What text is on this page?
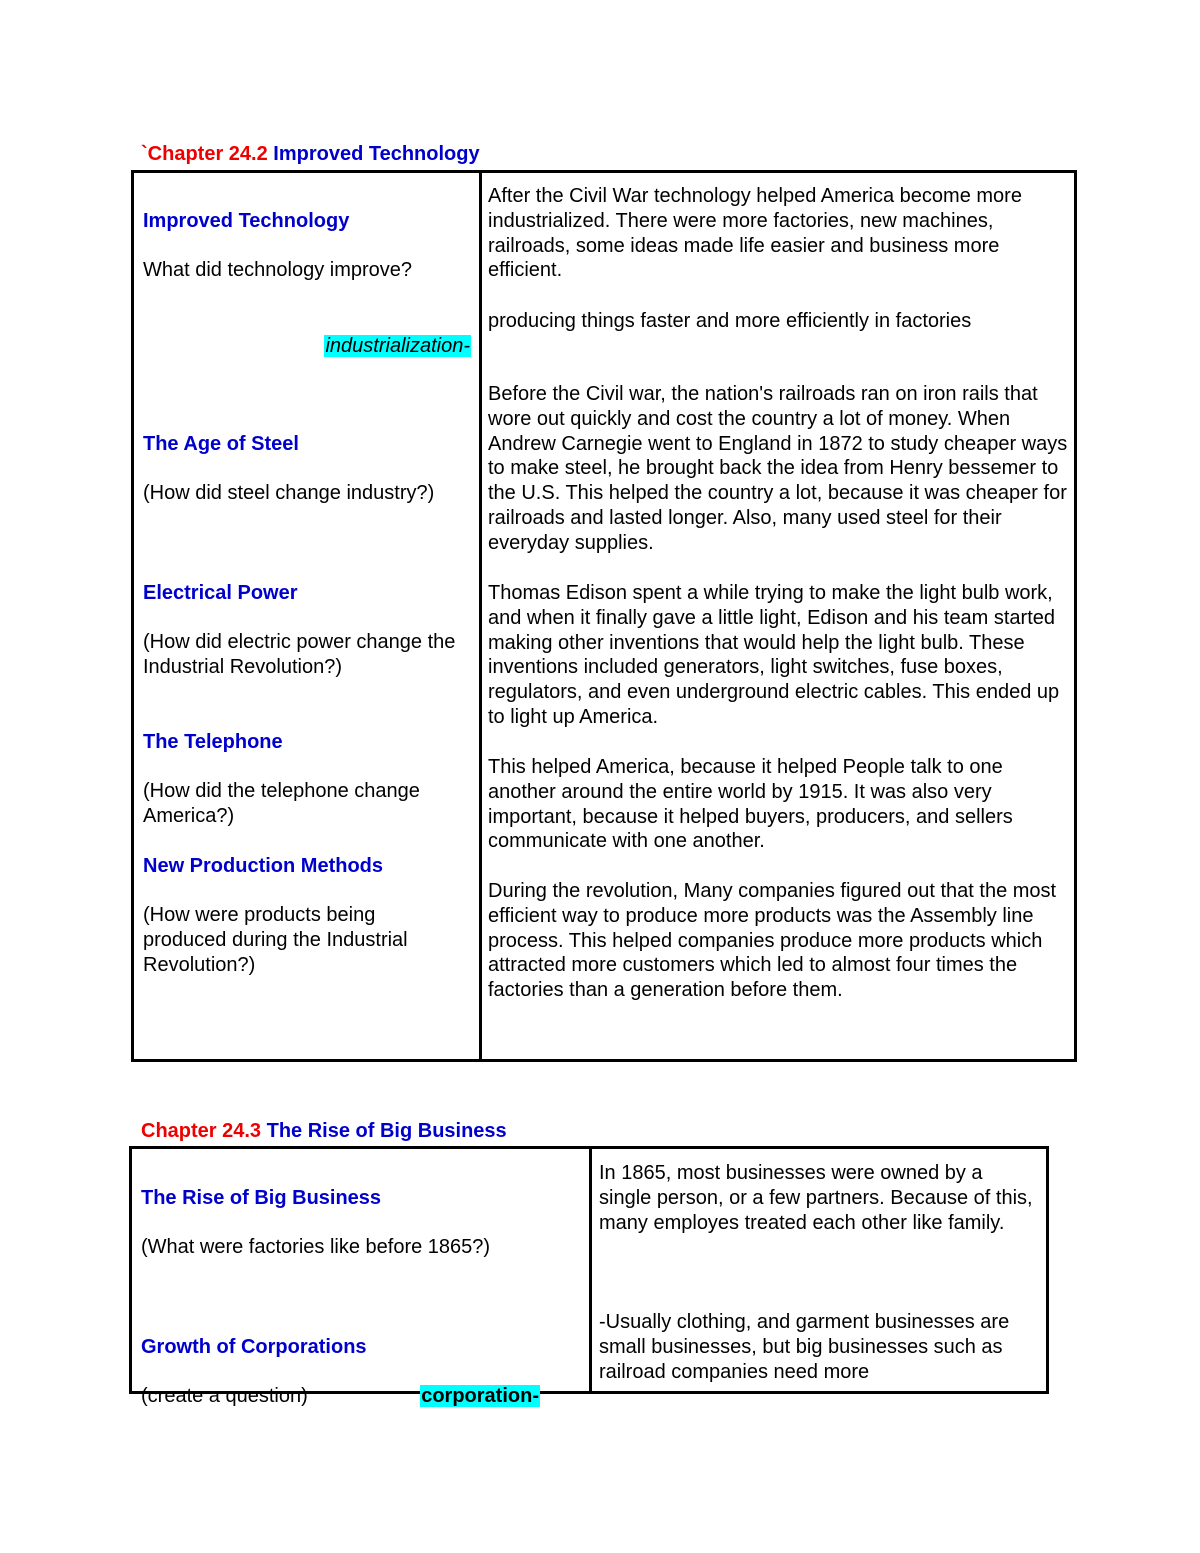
`Chapter 24.2 Improved Technology

Improved Technology

What did technology improve?

After the Civil War technology helped America become more industrialized. There were more factories, new machines, railroads, some ideas made life easier and business more efficient.

industrialization-

producing things faster and more efficiently in factories

The Age of Steel

(How did steel change industry?)

Before the Civil war, the nation's railroads ran on iron rails that wore out quickly and cost the country a lot of money. When Andrew Carnegie went to England in 1872 to study cheaper ways to make steel, he brought back the idea from Henry bessemer to the U.S. This helped the country a lot, because it was cheaper for railroads and lasted longer. Also, many used steel for their everyday supplies.

Electrical Power

(How did electric power change the Industrial Revolution?)

Thomas Edison spent a while trying to make the light bulb work, and when it finally gave a little light, Edison and his team started making other inventions that would help the light bulb. These inventions included generators, light switches, fuse boxes, regulators, and even underground electric cables. This ended up to light up America.

The Telephone

(How did the telephone change America?)

This helped America, because it helped People talk to one another around the entire world by 1915. It was also very important, because it helped buyers, producers, and sellers communicate with one another.

New Production Methods

(How were products being produced during the Industrial Revolution?)

During the revolution, Many companies figured out that the most efficient way to produce more products was the Assembly line process. This helped companies produce more products which attracted more customers which led to almost four times the factories than a generation before them.
Chapter 24.3 The Rise of Big Business

The Rise of Big Business

(What were factories like before 1865?)

In 1865, most businesses were owned by a single person, or a few partners. Because of this, many employes treated each other like family.

Growth of Corporations

(create a question)	corporation-

-Usually clothing, and garment businesses are small businesses, but big businesses such as railroad companies need more
